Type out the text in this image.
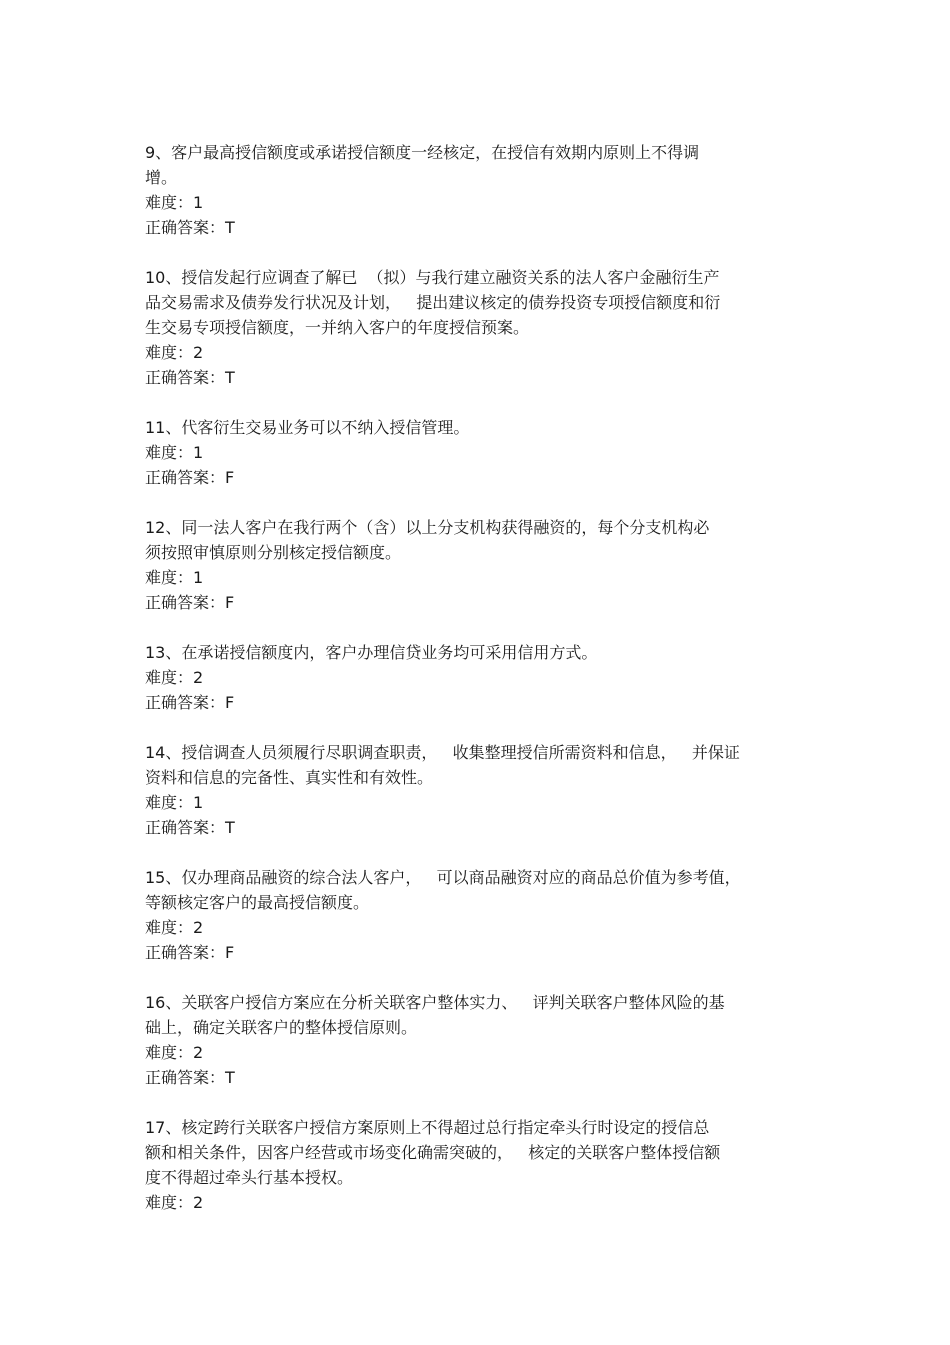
9、客户最高授信额度或承诺授信额度一经核定，在授信有效期内原则上不得调
增。
难度：1
正确答案：T
10、授信发起行应调查了解已  （拟）与我行建立融资关系的法人客户金融衍生产
品交易需求及债券发行状况及计划，   提出建议核定的债券投资专项授信额度和衍
生交易专项授信额度，一并纳入客户的年度授信预案。
难度：2
正确答案：T
11、代客衍生交易业务可以不纳入授信管理。
难度：1
正确答案：F
12、同一法人客户在我行两个（含）以上分支机构获得融资的，每个分支机构必
须按照审慎原则分别核定授信额度。
难度：1
正确答案：F
13、在承诺授信额度内，客户办理信贷业务均可采用信用方式。
难度：2
正确答案：F
14、授信调查人员须履行尽职调查职责，   收集整理授信所需资料和信息，   并保证
资料和信息的完备性、真实性和有效性。
难度：1
正确答案：T
15、仅办理商品融资的综合法人客户，   可以商品融资对应的商品总价值为参考值，
等额核定客户的最高授信额度。
难度：2
正确答案：F
16、关联客户授信方案应在分析关联客户整体实力、   评判关联客户整体风险的基
础上，确定关联客户的整体授信原则。
难度：2
正确答案：T
17、核定跨行关联客户授信方案原则上不得超过总行指定牵头行时设定的授信总
额和相关条件，因客户经营或市场变化确需突破的，   核定的关联客户整体授信额
度不得超过牵头行基本授权。
难度：2
